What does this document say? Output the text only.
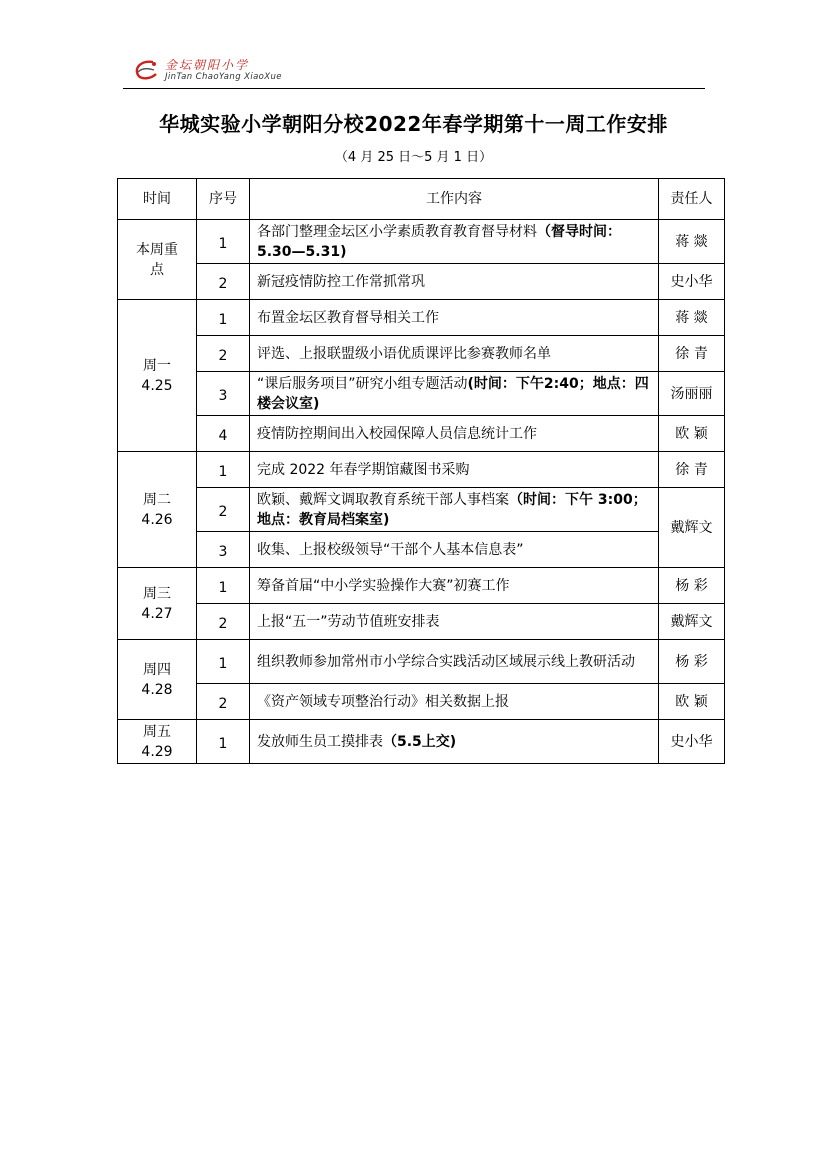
金坛朝阳小学
JinTan ChaoYang XiaoXue
华城实验小学朝阳分校2022年春学期第十一周工作安排
（4 月 25 日～5 月 1 日）
时间	序号	工作内容	责任人

本周重
点	1	各部门整理金坛区小学素质教育教育督导材料（督导时间：5.30—5.31)	蒋 燚
	2	新冠疫情防控工作常抓常巩	史小华

周一
4.25	1	布置金坛区教育督导相关工作	蒋 燚
	2	评选、上报联盟级小语优质课评比参赛教师名单	徐 青
	3	“课后服务项目”研究小组专题活动(时间：下午2:40；地点：四楼会议室)	汤丽丽
	4	疫情防控期间出入校园保障人员信息统计工作	欧 颖

周二
4.26	1	完成 2022 年春学期馆藏图书采购	徐 青
	2	欧颖、戴辉文调取教育系统干部人事档案（时间：下午 3:00；地点：教育局档案室)	戴辉文
	3	收集、上报校级领导“干部个人基本信息表”	

周三
4.27	1	筹备首届“中小学实验操作大赛”初赛工作	杨 彩
	2	上报“五一”劳动节值班安排表	戴辉文

周四
4.28	1	组织教师参加常州市小学综合实践活动区域展示线上教研活动	杨 彩
	2	《资产领域专项整治行动》相关数据上报	欧 颖

周五
4.29	1	发放师生员工摸排表（5.5上交)	史小华
